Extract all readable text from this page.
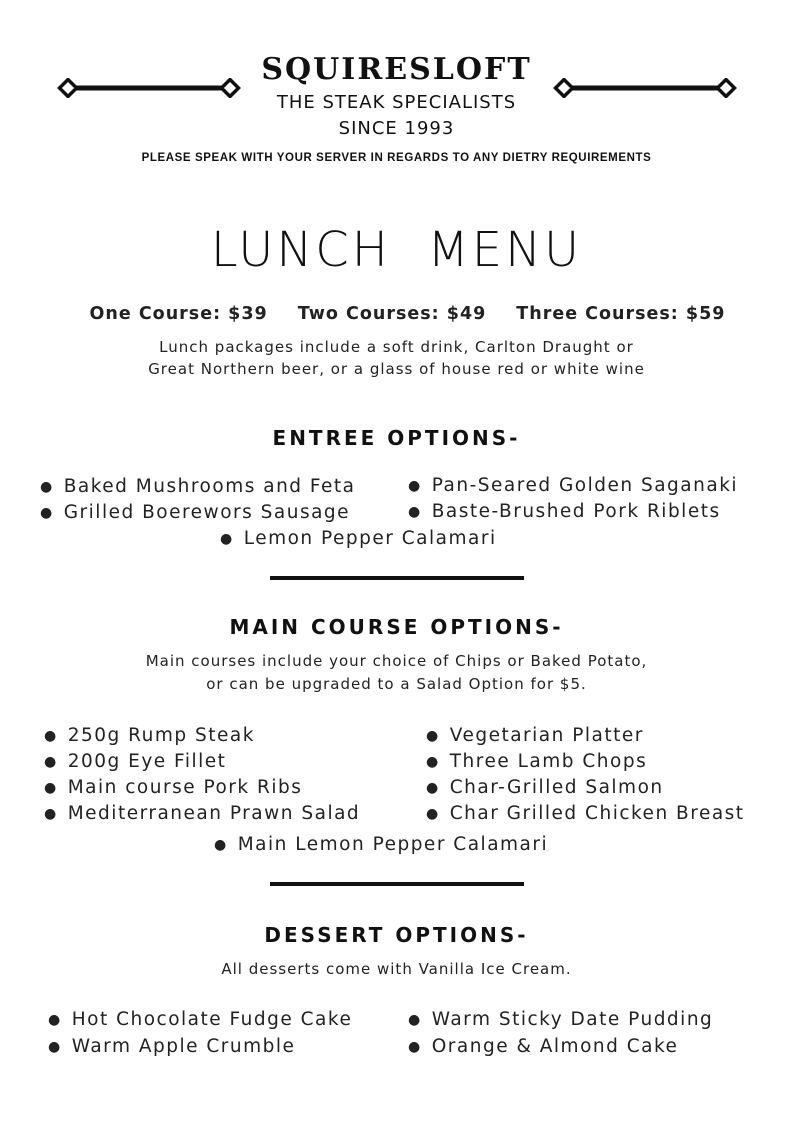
SQUIRESLOFT
THE STEAK SPECIALISTS
SINCE 1993
PLEASE SPEAK WITH YOUR SERVER IN REGARDS TO ANY DIETRY REQUIREMENTS
LUNCH  MENU
One Course: $39 Two Courses: $49 Three Courses: $59
Lunch packages include a soft drink, Carlton Draught or
Great Northern beer, or a glass of house red or white wine
ENTREE OPTIONS-
● Baked Mushrooms and Feta
● Grilled Boerewors Sausage
● Pan-Seared Golden Saganaki
● Baste-Brushed Pork Riblets
● Lemon Pepper Calamari
MAIN COURSE OPTIONS-
Main courses include your choice of Chips or Baked Potato,
or can be upgraded to a Salad Option for $5.
● 250g Rump Steak
● 200g Eye Fillet
● Main course Pork Ribs
● Mediterranean Prawn Salad
● Vegetarian Platter
● Three Lamb Chops
● Char-Grilled Salmon
● Char Grilled Chicken Breast
● Main Lemon Pepper Calamari
DESSERT OPTIONS-
All desserts come with Vanilla Ice Cream.
● Hot Chocolate Fudge Cake
● Warm Apple Crumble
● Warm Sticky Date Pudding
● Orange & Almond Cake
